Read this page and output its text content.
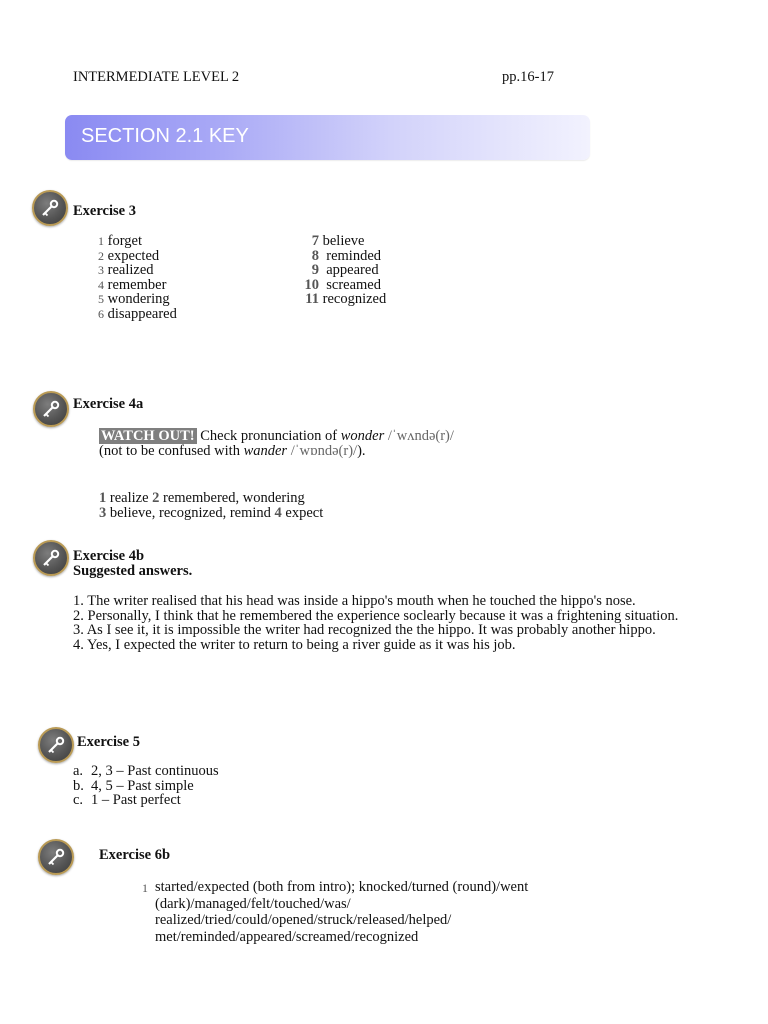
INTERMEDIATE LEVEL 2	pp.16-17
SECTION 2.1 KEY
Exercise 3
1 forget
2 expected
3 realized
4 remember
5 wondering
6 disappeared
7 believe
8 reminded
9 appeared
10 screamed
11 recognized
Exercise 4a
WATCH OUT! Check pronunciation of wonder /ˈwʌndə(r)/
(not to be confused with wander /ˈwɒndə(r)/).
1 realize 2 remembered, wondering
3 believe, recognized, remind 4 expect
Exercise 4b
Suggested answers.
1. The writer realised that his head was inside a hippo's mouth when he touched the hippo's nose.
2. Personally, I think that he remembered the experience soclearly because it was a frightening situation.
3. As I see it, it is impossible the writer had recognized the the hippo. It was probably another hippo.
4. Yes, I expected the writer to return to being a river guide as it was his job.
Exercise 5
a. 2, 3 – Past continuous
b. 4, 5 – Past simple
c. 1 – Past perfect
Exercise 6b
1 started/expected (both from intro); knocked/turned (round)/went
(dark)/managed/felt/touched/was/
realized/tried/could/opened/struck/released/helped/
met/reminded/appeared/screamed/recognized
